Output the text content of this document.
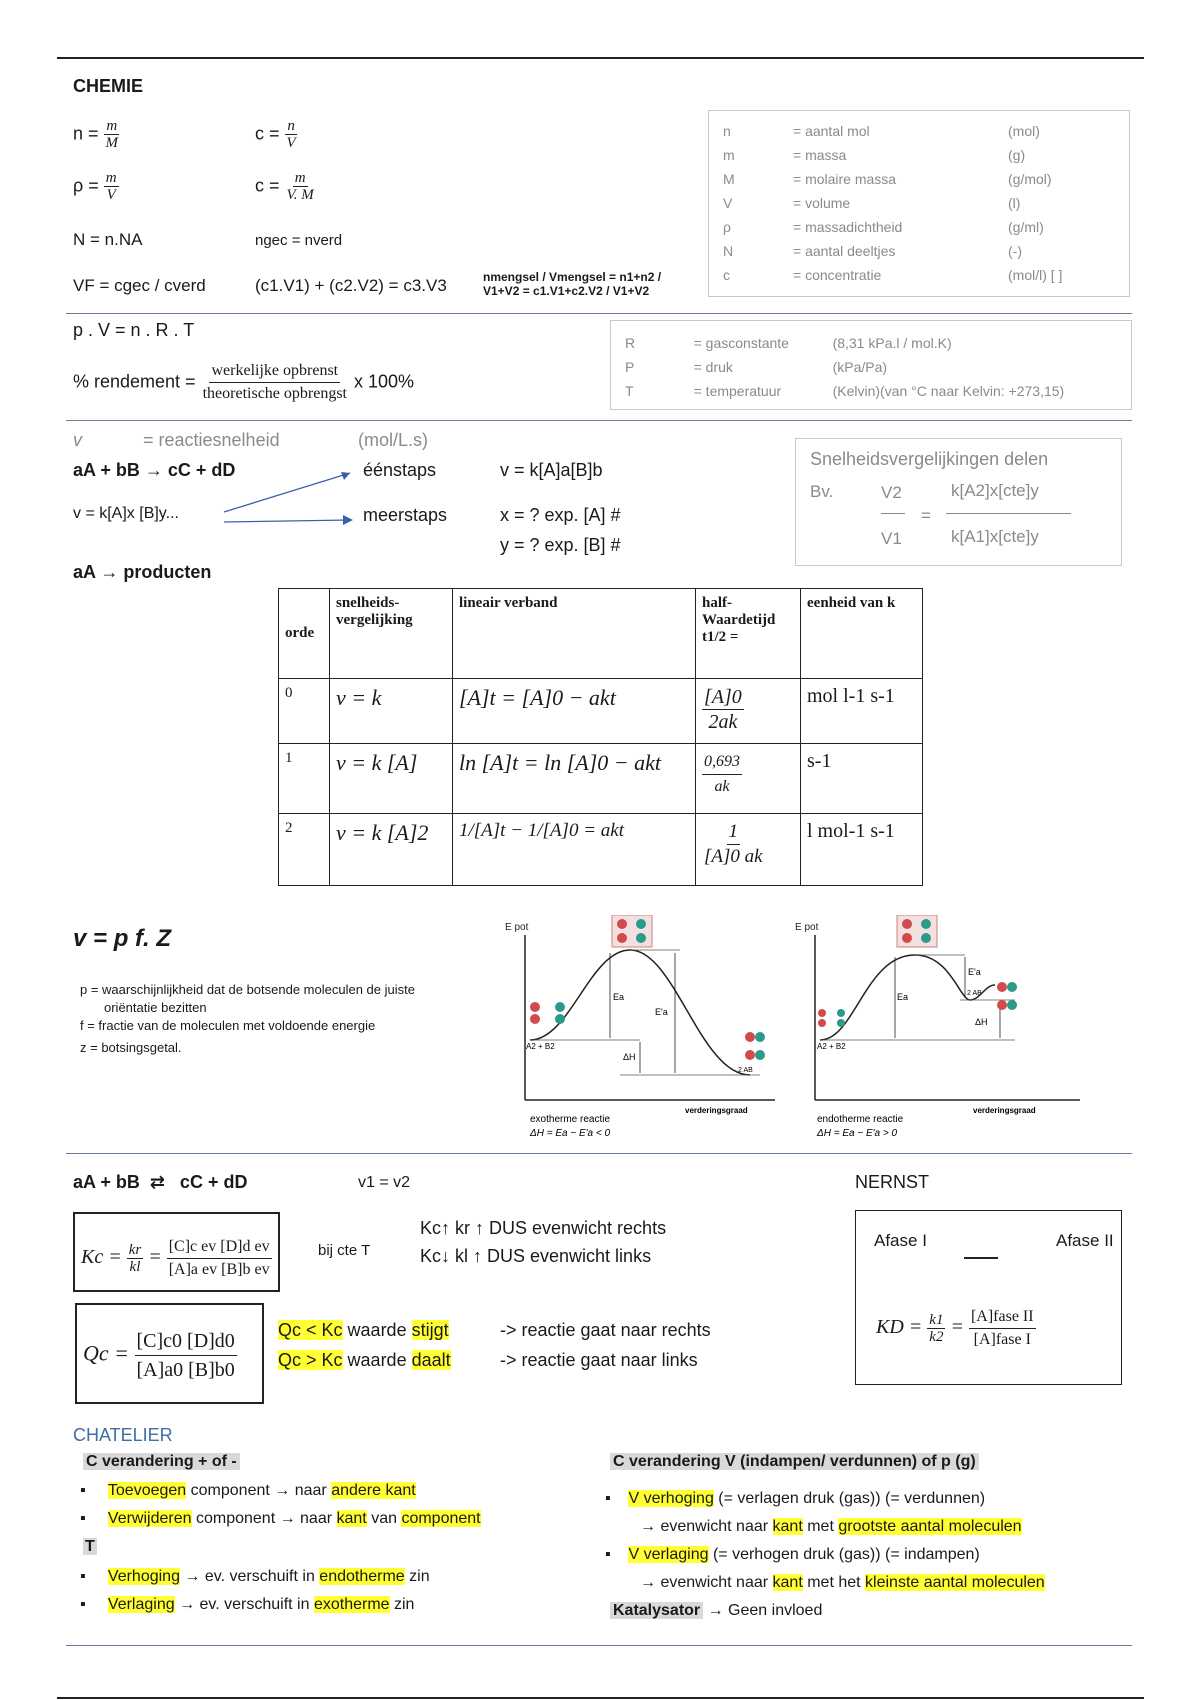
CHEMIE
$n = \frac{m}{M}$	$c = \frac{n}{V}$
$\rho = \frac{m}{V}$	$c = \frac{m}{V. M}$
N = n.NA	ngec = nverd
VF = cgec / cverd	(c1.V1) + (c2.V2) = c3.V3	nmengsel / Vmengsel = n1+n2 / V1+V2 = c1.V1+c2.V2 / V1+V2
n	= aantal mol	(mol)
m	= massa	(g)
M	= molaire massa	(g/mol)
V	= volume	(l)
ρ	= massadichtheid	(g/ml)
N	= aantal deeltjes	(-)
c	= concentratie	(mol/l) [ ]
p . V = n . R . T
% rendement = $\frac{\text{werkelijke opbrenst}}{\text{theoretische opbrengst}}$ x 100%
R	= gasconstante	(8,31 kPa.l / mol.K)
P	= druk	(kPa/Pa)
T	= temperatuur	(Kelvin)(van °C naar Kelvin: +273,15)
v	= reactiesnelheid	(mol/L.s)
aA + bB → cC + dD
v = k[A]x [B]y...
éénstaps	v = k[A]a[B]b
meerstaps	x = ? exp. [A] #
y = ? exp. [B] #
aA → producten
Snelheidsvergelijkingen delen
Bv.	V2
V1
=
k[A2]x[cte]y
k[A1]x[cte]y
orde	snelheids-vergelijking	lineair verband	half-Waardetijd t1/2 =	eenheid van k
0	v = k	[A]t = [A]0 − akt	$\frac{[A]0}{2ak}$	mol l-1 s-1
1	v = k [A]	ln [A]t = ln [A]0 − akt	$\frac{0,693}{ak}$	s-1
2	v = k [A]2	1/[A]t − 1/[A]0 = akt	$\frac{1}{[A]0 ak}$	l mol-1 s-1
v = p f. Z
p = waarschijnlijkheid dat de botsende moleculen de juiste
oriëntatie bezitten
f = fractie van de moleculen met voldoende energie
z = botsingsgetal.
E pot
Ea
E'a
ΔH
A2 + B2
2 AB
verderingsgraad
exotherme reactie
ΔH = Ea − E'a < 0
E pot
Ea
E'a
ΔH
A2 + B2
2 AB
verderingsgraad
endotherme reactie
ΔH = Ea − E'a > 0
aA + bB  ⇄   cC + dD	v1 = v2
$Kc = \frac{kr}{kl} = \frac{\text{[C]c ev [D]d ev}}{\text{[A]a ev [B]b ev}}$	bij cte T
Kc↑ kr ↑ DUS evenwicht rechts
Kc↓ kl ↑ DUS evenwicht links
$Qc = \frac{[C]c0 [D]d0}{[A]a0 [B]b0}$ Qc < Kc waarde stijgt	-> reactie gaat naar rechts
Qc > Kc waarde daalt	-> reactie gaat naar links
NERNST
Afase I	Afase II
KD = $\frac{k1}{k2} = \frac{\text{[A]fase II}}{\text{[A]fase I}}$
CHATELIER
C verandering + of -
▪     Toevoegen component → naar andere kant
▪     Verwijderen component → naar kant van component
T
▪     Verhoging → ev. verschuift in endotherme zin
▪     Verlaging → ev. verschuift in exotherme zin
C verandering V (indampen/ verdunnen) of p (g)
▪    V verhoging (= verlagen druk (gas)) (= verdunnen)
→ evenwicht naar kant met grootste aantal moleculen
▪    V verlaging (= verhogen druk (gas)) (= indampen)
→ evenwicht naar kant met het kleinste aantal moleculen
Katalysator → Geen invloed
